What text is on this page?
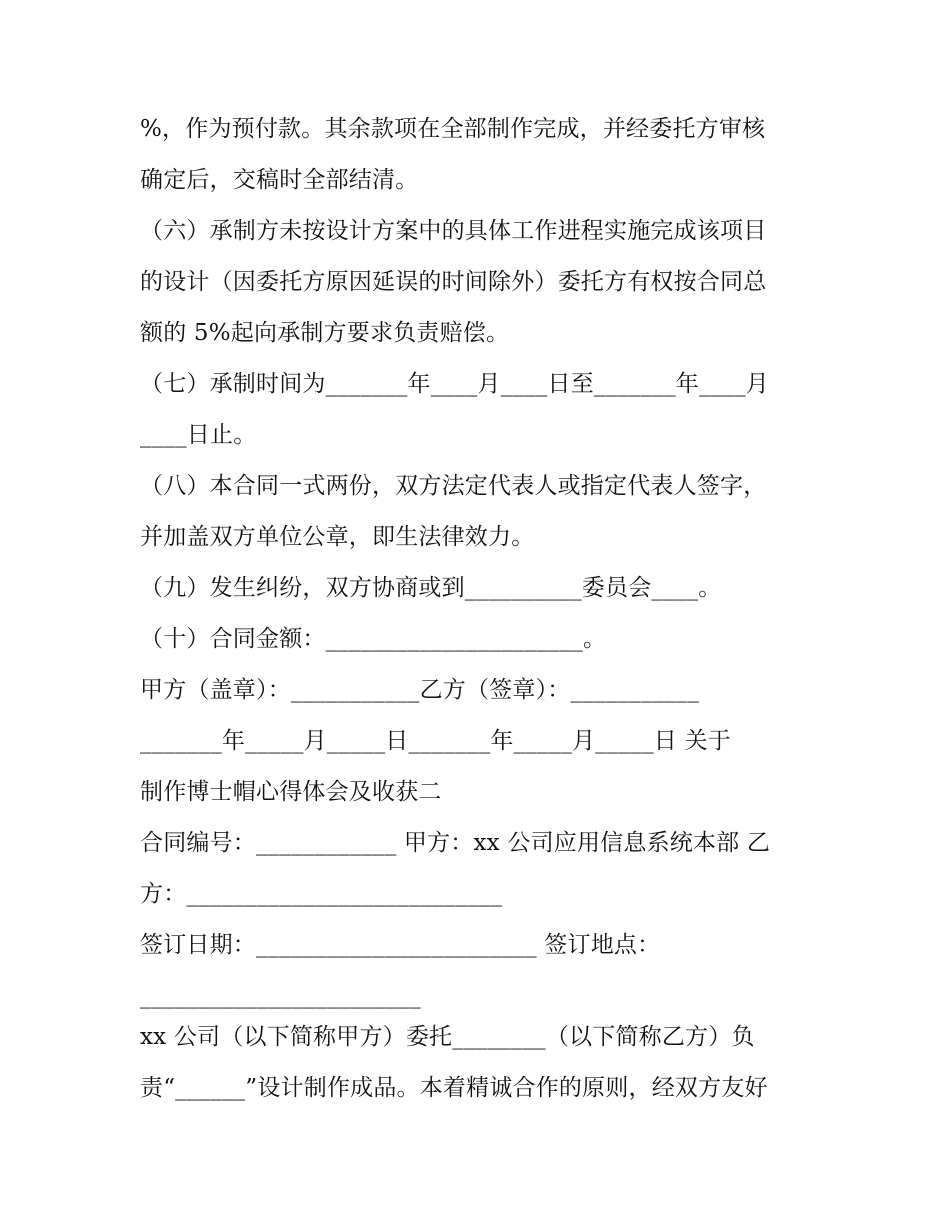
%，作为预付款。其余款项在全部制作完成，并经委托方审核
确定后，交稿时全部结清。
（六）承制方未按设计方案中的具体工作进程实施完成该项目
的设计（因委托方原因延误的时间除外）委托方有权按合同总
额的 5%起向承制方要求负责赔偿。
（七）承制时间为_______年____月____日至_______年____月
____日止。
（八）本合同一式两份，双方法定代表人或指定代表人签字，
并加盖双方单位公章，即生法律效力。
（九）发生纠纷，双方协商或到__________委员会____。
（十）合同金额：______________________。
甲方（盖章）：___________乙方（签章）：___________
_______年_____月_____日_______年_____月_____日 关于
制作博士帽心得体会及收获二
合同编号：____________ 甲方：xx 公司应用信息系统本部 乙
方：___________________________
签订日期：________________________ 签订地点：
________________________
xx 公司（以下简称甲方）委托________（以下简称乙方）负
责“______”设计制作成品。本着精诚合作的原则，经双方友好
